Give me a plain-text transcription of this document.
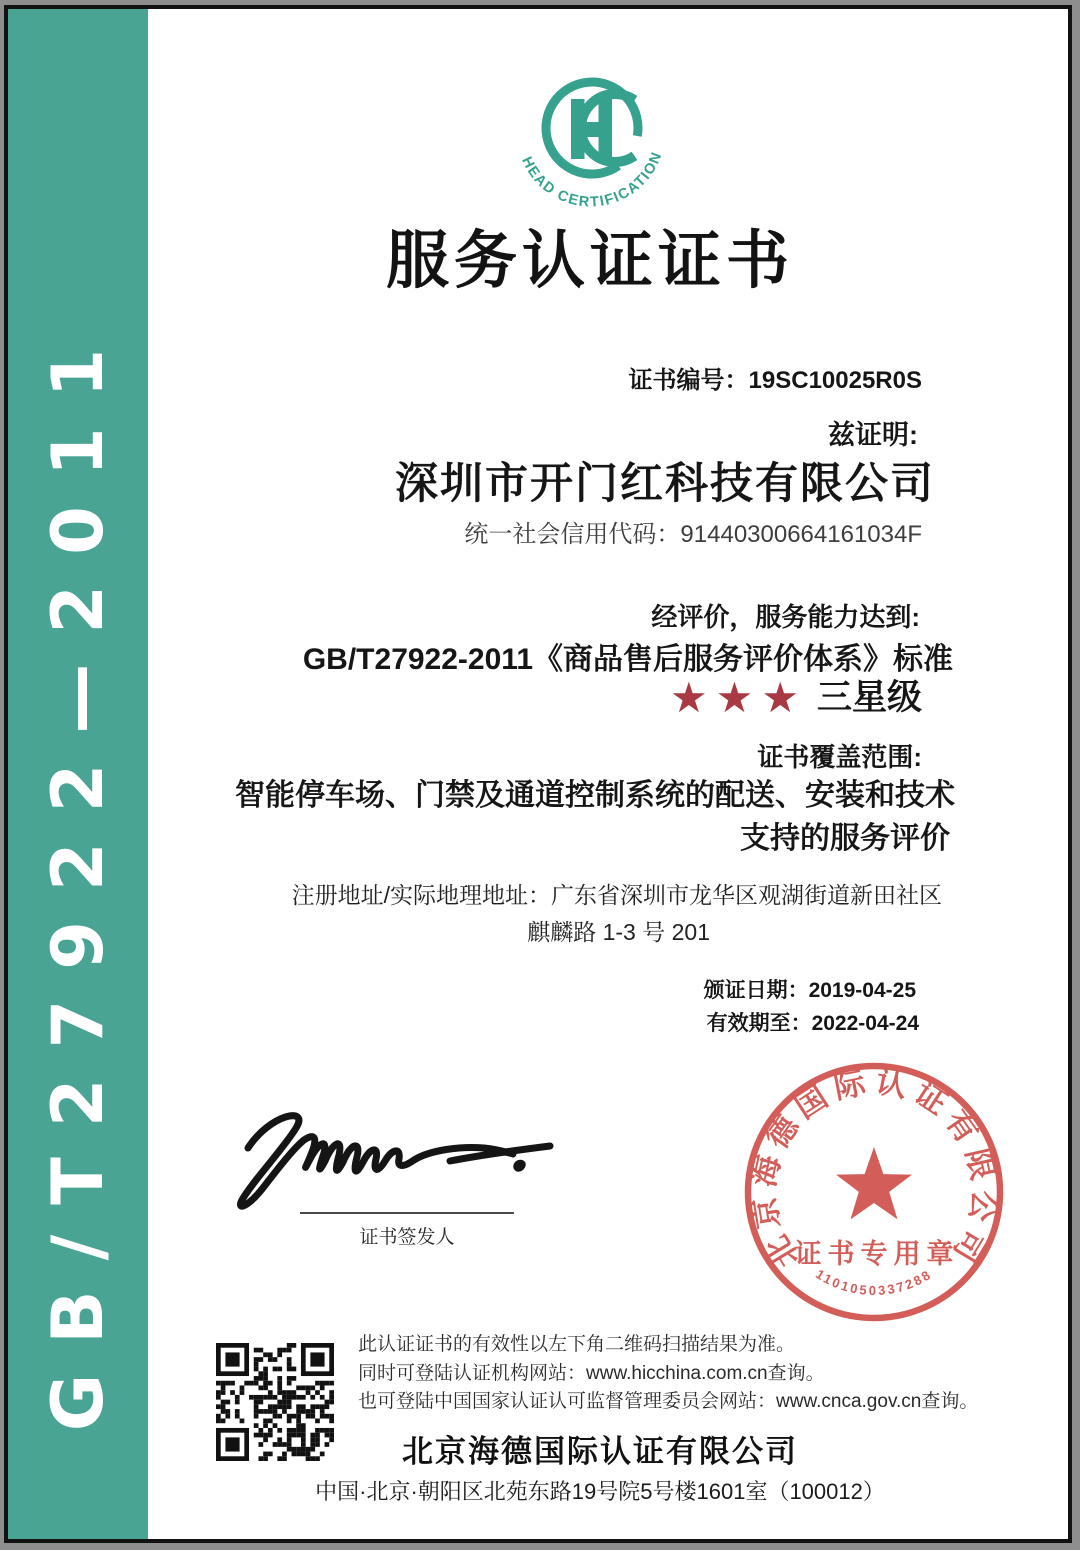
GB/T27922—2011
HEAD CERTIFICATION
服务认证证书
证书编号：19SC10025R0S
兹证明:
深圳市开门红科技有限公司
统一社会信用代码：91440300664161034F
经评价，服务能力达到:
GB/T27922-2011《商品售后服务评价体系》标准
★★★ 三星级
证书覆盖范围:
智能停车场、门禁及通道控制系统的配送、安装和技术
支持的服务评价
注册地址/实际地理地址：广东省深圳市龙华区观湖街道新田社区
麒麟路 1-3 号 201
颁证日期：2019-04-25
有效期至：2022-04-24
证书签发人	北京海德国际认证有限公司
证书专用章
1101050337288
此认证证书的有效性以左下角二维码扫描结果为准。
同时可登陆认证机构网站：www.hicchina.com.cn查询。
也可登陆中国国家认证认可监督管理委员会网站：www.cnca.gov.cn查询。
北京海德国际认证有限公司
中国·北京·朝阳区北苑东路19号院5号楼1601室（100012）
